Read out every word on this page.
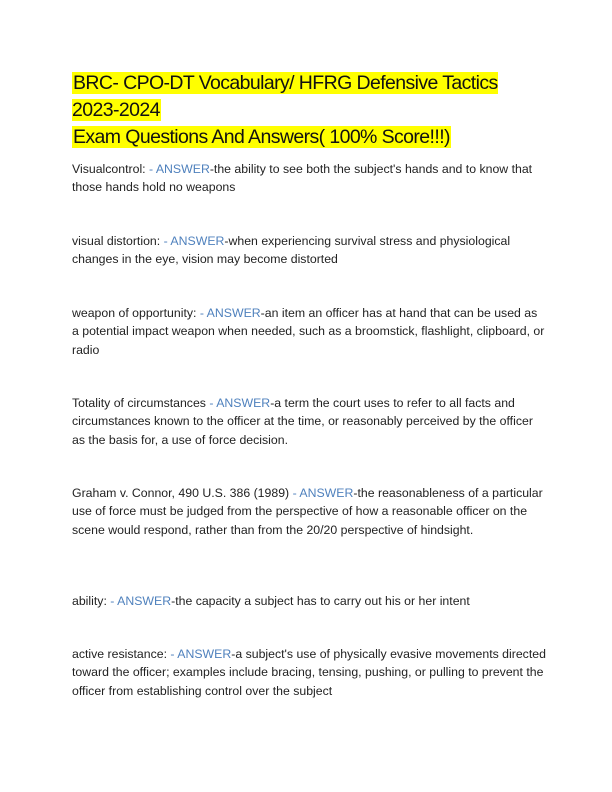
BRC- CPO-DT Vocabulary/ HFRG Defensive Tactics 2023-2024
Exam Questions And Answers( 100% Score!!!)

Visualcontrol: - ANSWER-the ability to see both the subject's hands and to know that those hands hold no weapons

visual distortion: - ANSWER-when experiencing survival stress and physiological changes in the eye, vision may become distorted

weapon of opportunity: - ANSWER-an item an officer has at hand that can be used as a potential impact weapon when needed, such as a broomstick, flashlight, clipboard, or radio

Totality of circumstances - ANSWER-a term the court uses to refer to all facts and circumstances known to the officer at the time, or reasonably perceived by the officer as the basis for, a use of force decision.

Graham v. Connor, 490 U.S. 386 (1989) - ANSWER-the reasonableness of a particular use of force must be judged from the perspective of how a reasonable officer on the scene would respond, rather than from the 20/20 perspective of hindsight.

ability: - ANSWER-the capacity a subject has to carry out his or her intent

active resistance: - ANSWER-a subject's use of physically evasive movements directed toward the officer; examples include bracing, tensing, pushing, or pulling to prevent the officer from establishing control over the subject
